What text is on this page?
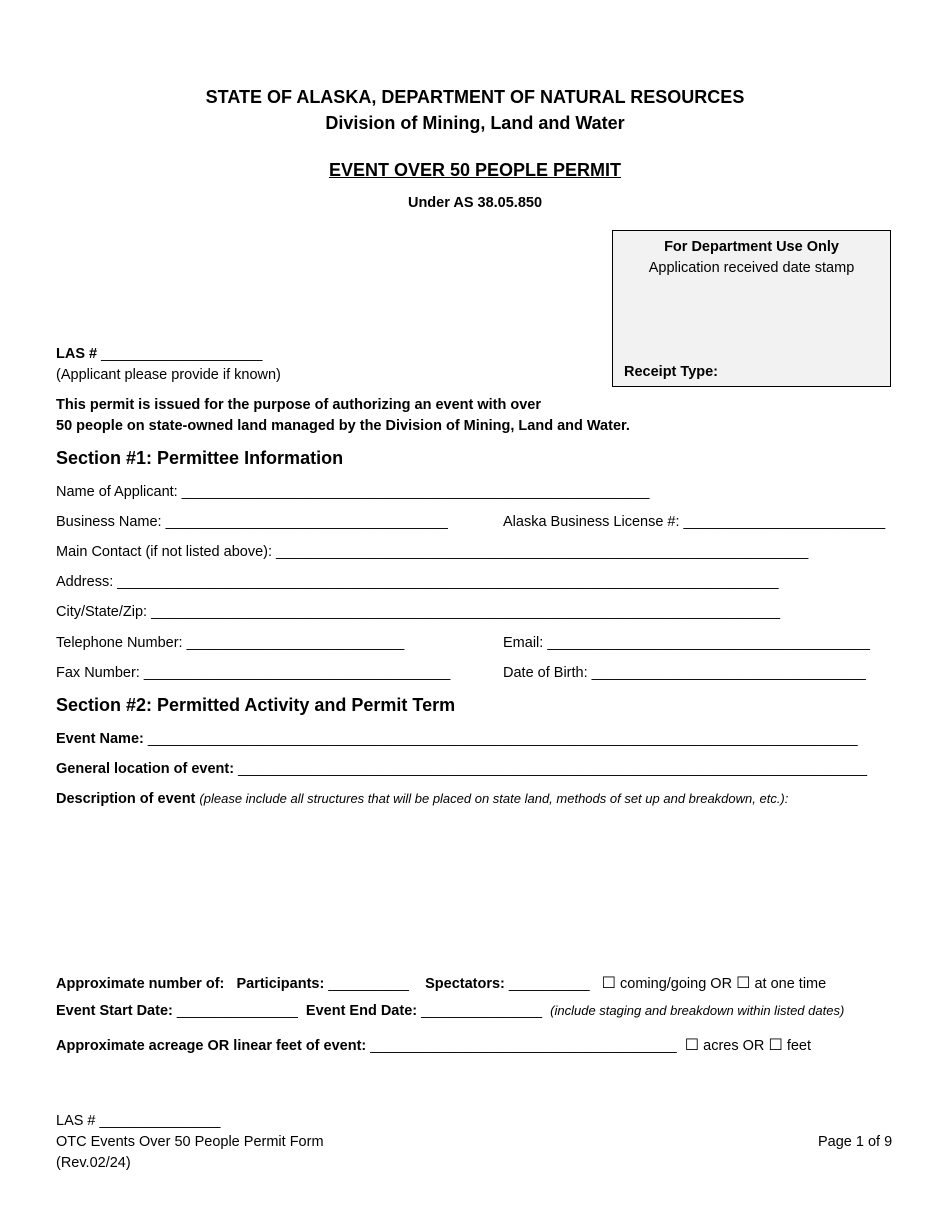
STATE OF ALASKA, DEPARTMENT OF NATURAL RESOURCES
Division of Mining, Land and Water
EVENT OVER 50 PEOPLE PERMIT
Under AS 38.05.850
For Department Use Only
Application received date stamp
Receipt Type:
LAS # ____________________
(Applicant please provide if known)
This permit is issued for the purpose of authorizing an event with over
50 people on state-owned land managed by the Division of Mining, Land and Water.
Section #1: Permittee Information
Name of Applicant: __________________________________________________________
Business Name: ___________________________________	Alaska Business License #: _________________________
Main Contact (if not listed above): __________________________________________________________________
Address: __________________________________________________________________________________
City/State/Zip: ______________________________________________________________________________
Telephone Number: ___________________________	Email: ________________________________________
Fax Number: ______________________________________	Date of Birth: __________________________________
Section #2: Permitted Activity and Permit Term
Event Name: ________________________________________________________________________________________
General location of event: ______________________________________________________________________________
Description of event (please include all structures that will be placed on state land, methods of set up and breakdown, etc.):
Approximate number of: Participants: __________ Spectators: __________ ☐ coming/going OR ☐ at one time
Event Start Date: _______________ Event End Date: _______________ (include staging and breakdown within listed dates)
Approximate acreage OR linear feet of event: ______________________________________ ☐ acres OR ☐ feet
LAS # _______________
OTC Events Over 50 People Permit Form
(Rev.02/24)
Page 1 of 9
